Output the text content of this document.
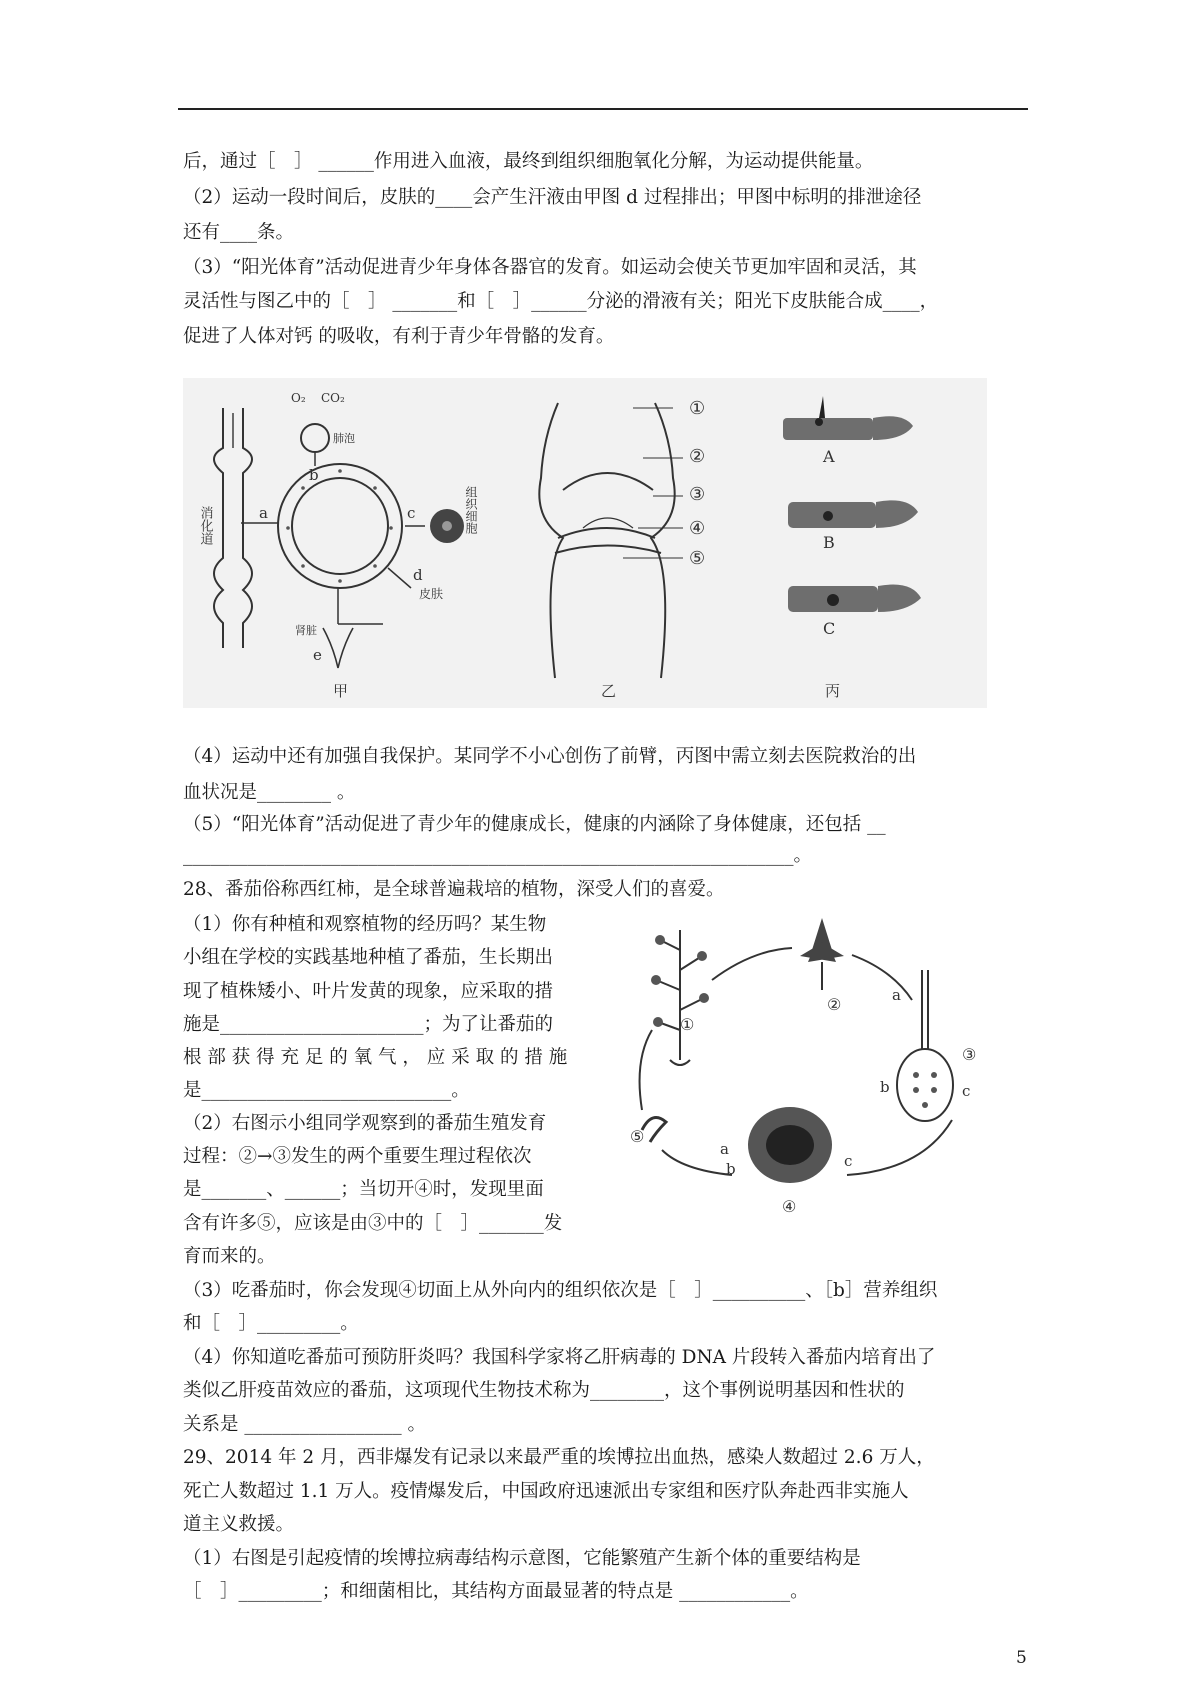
后，通过［　］ ______作用进入血液，最终到组织细胞氧化分解，为运动提供能量。
（2）运动一段时间后，皮肤的____会产生汗液由甲图 d 过程排出；甲图中标明的排泄途径
还有____条。
（3）“阳光体育”活动促进青少年身体各器官的发育。如运动会使关节更加牢固和灵活，其
灵活性与图乙中的［　］ _______和［　］______分泌的滑液有关；阳光下皮肤能合成____，
促进了人体对钙 的吸收，有利于青少年骨骼的发育。
消化道	a
O₂ CO₂
肺泡
b
c
d
皮肤
组织细胞
肾脏
e
甲
①
②
③
④
⑤
乙
A
B
C
丙
（4）运动中还有加强自我保护。某同学不小心创伤了前臂，丙图中需立刻去医院救治的出
血状况是________ 。
（5）“阳光体育”活动促进了青少年的健康成长，健康的内涵除了身体健康，还包括 __
__________________________________________________________________。
28、番茄俗称西红柿，是全球普遍栽培的植物，深受人们的喜爱。
（1）你有种植和观察植物的经历吗？某生物
小组在学校的实践基地种植了番茄，生长期出
现了植株矮小、叶片发黄的现象，应采取的措
施是______________________；为了让番茄的
根 部 获 得 充 足 的 氧 气 ， 应 采 取 的 措 施
是___________________________。
（2）右图示小组同学观察到的番茄生殖发育
过程：②→③发生的两个重要生理过程依次
是_______、______；当切开④时，发现里面
含有许多⑤，应该是由③中的［　］_______发
育而来的。
①
②
③
④
⑤
a
b	c
a
b	c
（3）吃番茄时，你会发现④切面上从外向内的组织依次是［　］__________、［b］营养组织
和［　］_________。
（4）你知道吃番茄可预防肝炎吗？我国科学家将乙肝病毒的 DNA 片段转入番茄内培育出了
类似乙肝疫苗效应的番茄，这项现代生物技术称为________，这个事例说明基因和性状的
关系是 _________________ 。
29、2014 年 2 月，西非爆发有记录以来最严重的埃博拉出血热，感染人数超过 2.6 万人，
死亡人数超过 1.1 万人。疫情爆发后，中国政府迅速派出专家组和医疗队奔赴西非实施人
道主义救援。
（1）右图是引起疫情的埃博拉病毒结构示意图，它能繁殖产生新个体的重要结构是
［　］_________；和细菌相比，其结构方面最显著的特点是 ____________。
5
